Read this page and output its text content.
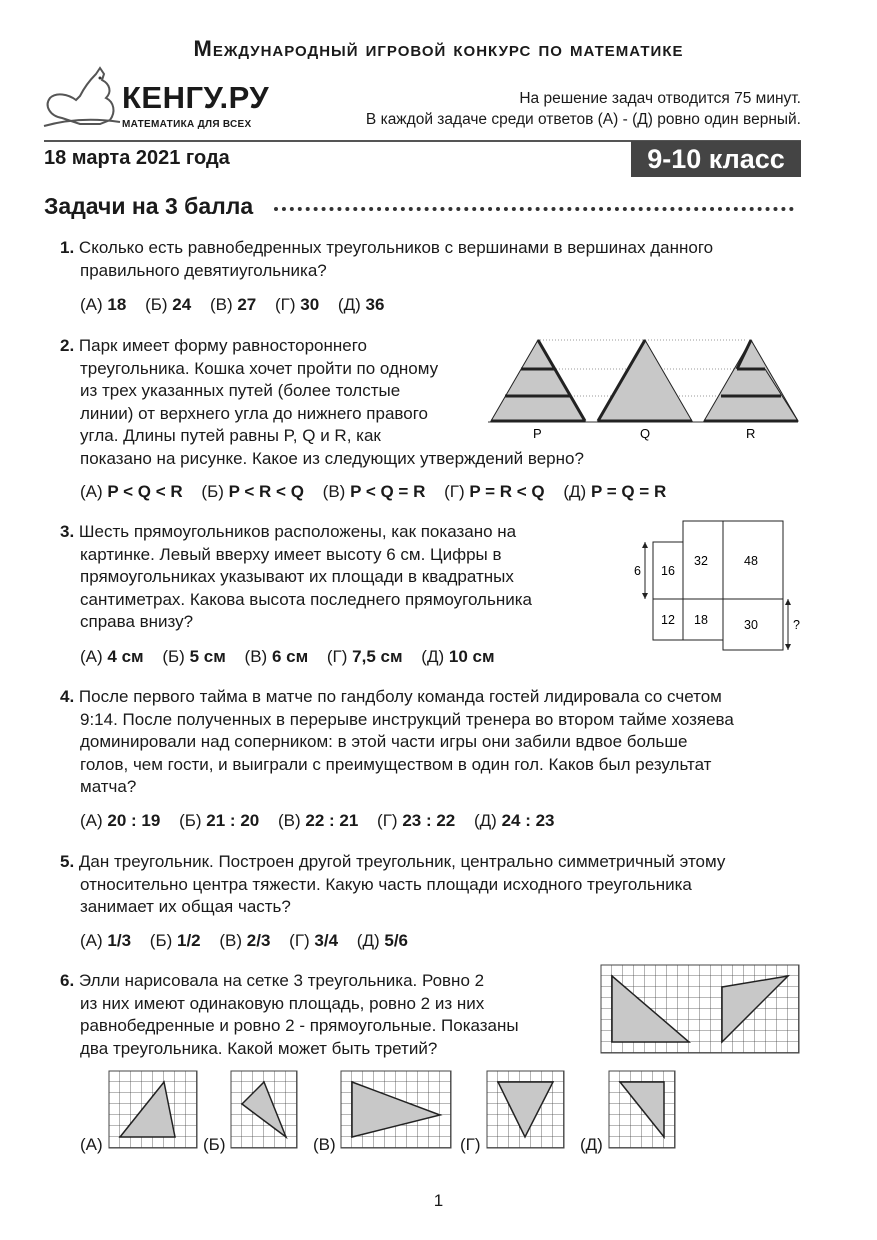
Международный игровой конкурс по математике
КЕНГУ.РУ
МАТЕМАТИКА ДЛЯ ВСЕХ
На решение задач отводится 75 минут.
В каждой задаче среди ответов (А) - (Д) ровно один верный.
18 марта 2021 года	9-10 класс
Задачи на 3 балла
1. Сколько есть равнобедренных треугольников с вершинами в вершинах данного
правильного девятиугольника?
(А) 18 (Б) 24 (В) 27 (Г) 30 (Д) 36
2. Парк имеет форму равностороннего
треугольника. Кошка хочет пройти по одному
из трех указанных путей (более толстые
линии) от верхнего угла до нижнего правого
угла. Длины путей равны P, Q и R, как
показано на рисунке. Какое из следующих утверждений верно?
P	Q	R
(А) P < Q < R (Б) P < R < Q (В) P < Q = R (Г) P = R < Q (Д) P = Q = R
3. Шесть прямоугольников расположены, как показано на
картинке. Левый вверху имеет высоту 6 см. Цифры в
прямоугольниках указывают их площади в квадратных
сантиметрах. Какова высота последнего прямоугольника
справа внизу?
6 16
32	48
12 18	30	?
(А) 4 см (Б) 5 см (В) 6 см (Г) 7,5 см (Д) 10 см
4. После первого тайма в матче по гандболу команда гостей лидировала со счетом
9:14. После полученных в перерыве инструкций тренера во втором тайме хозяева
доминировали над соперником: в этой части игры они забили вдвое больше
голов, чем гости, и выиграли с преимуществом в один гол. Каков был результат
матча?
(А) 20 : 19 (Б) 21 : 20 (В) 22 : 21 (Г) 23 : 22 (Д) 24 : 23
5. Дан треугольник. Построен другой треугольник, центрально симметричный этому
относительно центра тяжести. Какую часть площади исходного треугольника
занимает их общая часть?
(А) 1/3 (Б) 1/2 (В) 2/3 (Г) 3/4 (Д) 5/6
6. Элли нарисовала на сетке 3 треугольника. Ровно 2
из них имеют одинаковую площадь, ровно 2 из них
равнобедренные и ровно 2 - прямоугольные. Показаны
два треугольника. Какой может быть третий?
(А)	(Б)	(В)	(Г)	(Д)
1
